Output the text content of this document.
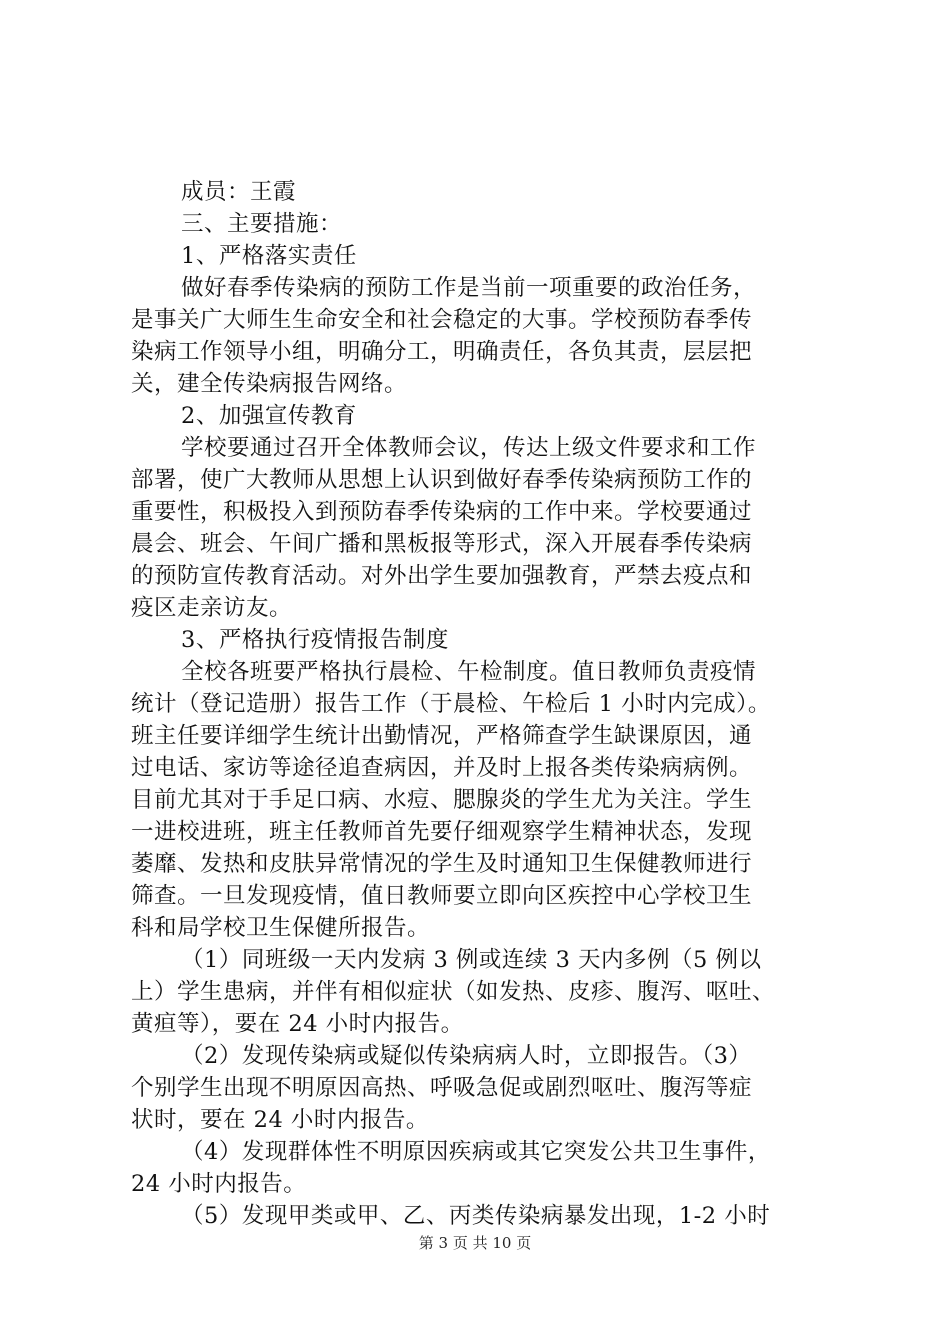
成员：王霞
三、主要措施：
1、严格落实责任
做好春季传染病的预防工作是当前一项重要的政治任务，
是事关广大师生生命安全和社会稳定的大事。学校预防春季传
染病工作领导小组，明确分工，明确责任，各负其责，层层把
关，建全传染病报告网络。
2、加强宣传教育
学校要通过召开全体教师会议，传达上级文件要求和工作
部署，使广大教师从思想上认识到做好春季传染病预防工作的
重要性，积极投入到预防春季传染病的工作中来。学校要通过
晨会、班会、午间广播和黑板报等形式，深入开展春季传染病
的预防宣传教育活动。对外出学生要加强教育，严禁去疫点和
疫区走亲访友。
3、严格执行疫情报告制度
全校各班要严格执行晨检、午检制度。值日教师负责疫情
统计（登记造册）报告工作（于晨检、午检后 1 小时内完成）。
班主任要详细学生统计出勤情况，严格筛查学生缺课原因，通
过电话、家访等途径追查病因，并及时上报各类传染病病例。
目前尤其对于手足口病、水痘、腮腺炎的学生尤为关注。学生
一进校进班，班主任教师首先要仔细观察学生精神状态，发现
萎靡、发热和皮肤异常情况的学生及时通知卫生保健教师进行
筛查。一旦发现疫情，值日教师要立即向区疾控中心学校卫生
科和局学校卫生保健所报告。
（1）同班级一天内发病 3 例或连续 3 天内多例（5 例以
上）学生患病，并伴有相似症状（如发热、皮疹、腹泻、呕吐、
黄疸等），要在 24 小时内报告。
（2）发现传染病或疑似传染病病人时，立即报告。（3）
个别学生出现不明原因高热、呼吸急促或剧烈呕吐、腹泻等症
状时，要在 24 小时内报告。
（4）发现群体性不明原因疾病或其它突发公共卫生事件，
24 小时内报告。
（5）发现甲类或甲、乙、丙类传染病暴发出现，1-2 小时
第 3 页 共 10 页
